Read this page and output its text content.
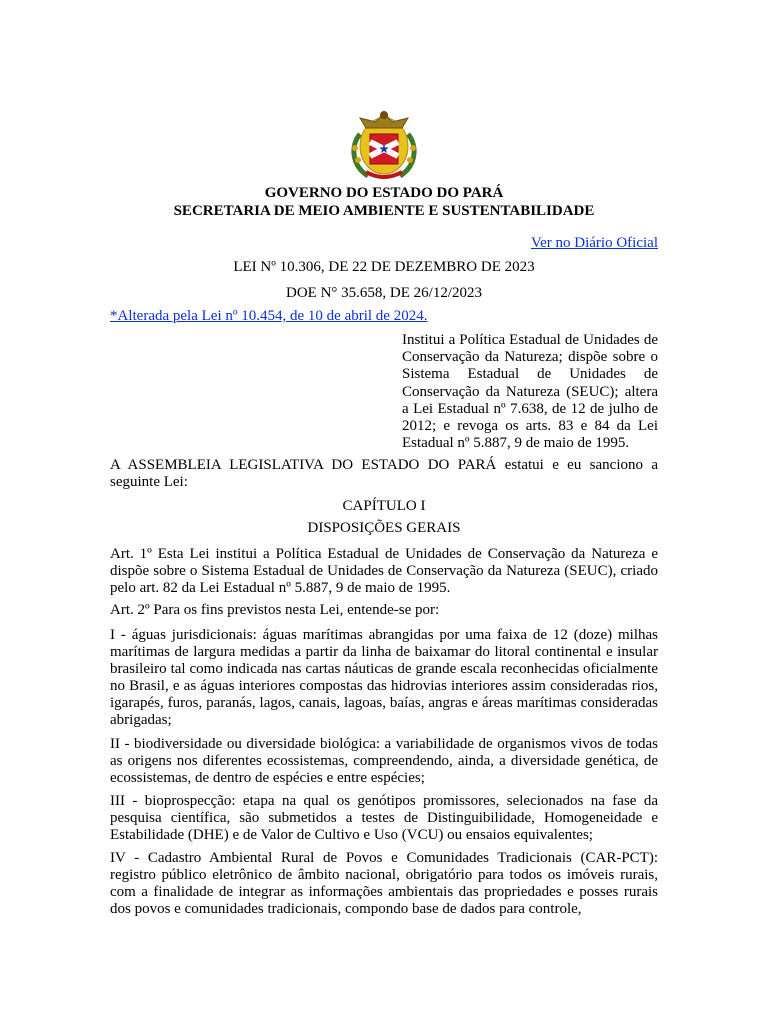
GOVERNO DO ESTADO DO PARÁ
SECRETARIA DE MEIO AMBIENTE E SUSTENTABILIDADE
Ver no Diário Oficial
LEI Nº 10.306, DE 22 DE DEZEMBRO DE 2023
DOE N° 35.658, DE 26/12/2023
*Alterada pela Lei nº 10.454, de 10 de abril de 2024.
Institui a Política Estadual de Unidades de Conservação da Natureza; dispõe sobre o Sistema Estadual de Unidades de Conservação da Natureza (SEUC); altera a Lei Estadual nº 7.638, de 12 de julho de 2012; e revoga os arts. 83 e 84 da Lei Estadual nº 5.887, 9 de maio de 1995.

A ASSEMBLEIA LEGISLATIVA DO ESTADO DO PARÁ estatui e eu sanciono a seguinte Lei:

CAPÍTULO I
DISPOSIÇÕES GERAIS

Art. 1º Esta Lei institui a Política Estadual de Unidades de Conservação da Natureza e dispõe sobre o Sistema Estadual de Unidades de Conservação da Natureza (SEUC), criado pelo art. 82 da Lei Estadual nº 5.887, 9 de maio de 1995.

Art. 2º Para os fins previstos nesta Lei, entende-se por:

I - águas jurisdicionais: águas marítimas abrangidas por uma faixa de 12 (doze) milhas marítimas de largura medidas a partir da linha de baixamar do litoral continental e insular brasileiro tal como indicada nas cartas náuticas de grande escala reconhecidas oficialmente no Brasil, e as águas interiores compostas das hidrovias interiores assim consideradas rios, igarapés, furos, paranás, lagos, canais, lagoas, baías, angras e áreas marítimas consideradas abrigadas;

II - biodiversidade ou diversidade biológica: a variabilidade de organismos vivos de todas as origens nos diferentes ecossistemas, compreendendo, ainda, a diversidade genética, de ecossistemas, de dentro de espécies e entre espécies;

III - bioprospecção: etapa na qual os genótipos promissores, selecionados na fase da pesquisa científica, são submetidos a testes de Distinguibilidade, Homogeneidade e Estabilidade (DHE) e de Valor de Cultivo e Uso (VCU) ou ensaios equivalentes;

IV - Cadastro Ambiental Rural de Povos e Comunidades Tradicionais (CAR-PCT): registro público eletrônico de âmbito nacional, obrigatório para todos os imóveis rurais, com a finalidade de integrar as informações ambientais das propriedades e posses rurais dos povos e comunidades tradicionais, compondo base de dados para controle,
